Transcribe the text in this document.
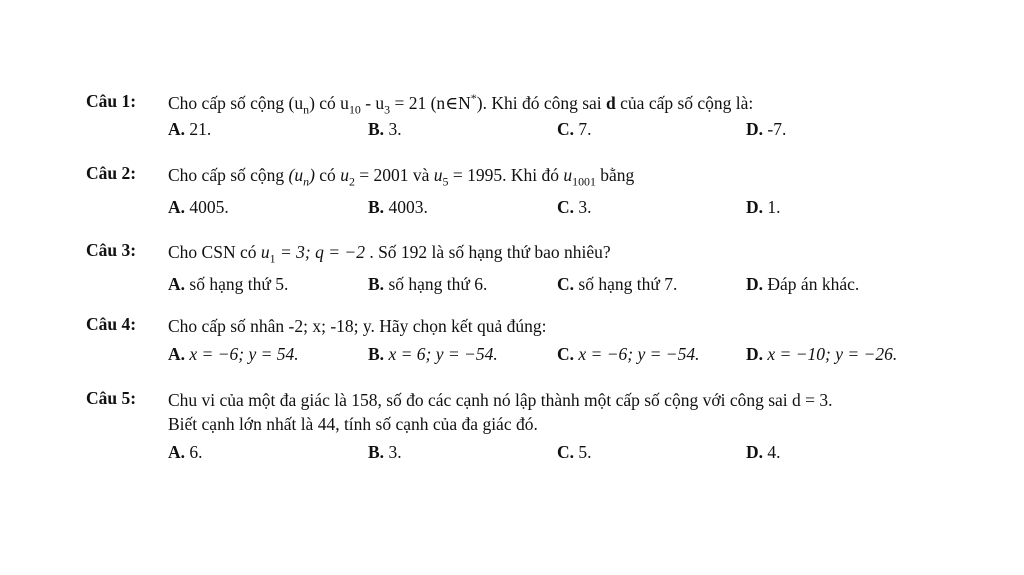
Câu 1: Cho cấp số cộng $(u_n)$ có $u_{10} - u_3 = 21$ (n∈N*). Khi đó công sai d của cấp số cộng là:
A. 21.	B. 3.	C. 7.	D. -7.
Câu 2: Cho cấp số cộng $(u_n)$ có $u_2 = 2001$ và $u_5 = 1995$. Khi đó $u_{1001}$ bằng
A. 4005.	B. 4003.	C. 3.	D. 1.
Câu 3: Cho CSN có $u_1 = 3$; q = −2 . Số 192 là số hạng thứ bao nhiêu?
A. số hạng thứ 5.	B. số hạng thứ 6.	C. số hạng thứ 7.	D. Đáp án khác.
Câu 4: Cho cấp số nhân -2; x; -18; y. Hãy chọn kết quả đúng:
A. x = −6; y = 54.	B. x = 6; y = −54.	C. x = −6; y = −54.	D. x = −10; y = −26.
Câu 5: Chu vi của một đa giác là 158, số đo các cạnh nó lập thành một cấp số cộng với công sai d = 3.
Biết cạnh lớn nhất là 44, tính số cạnh của đa giác đó.
A. 6.	B. 3.	C. 5.	D. 4.
